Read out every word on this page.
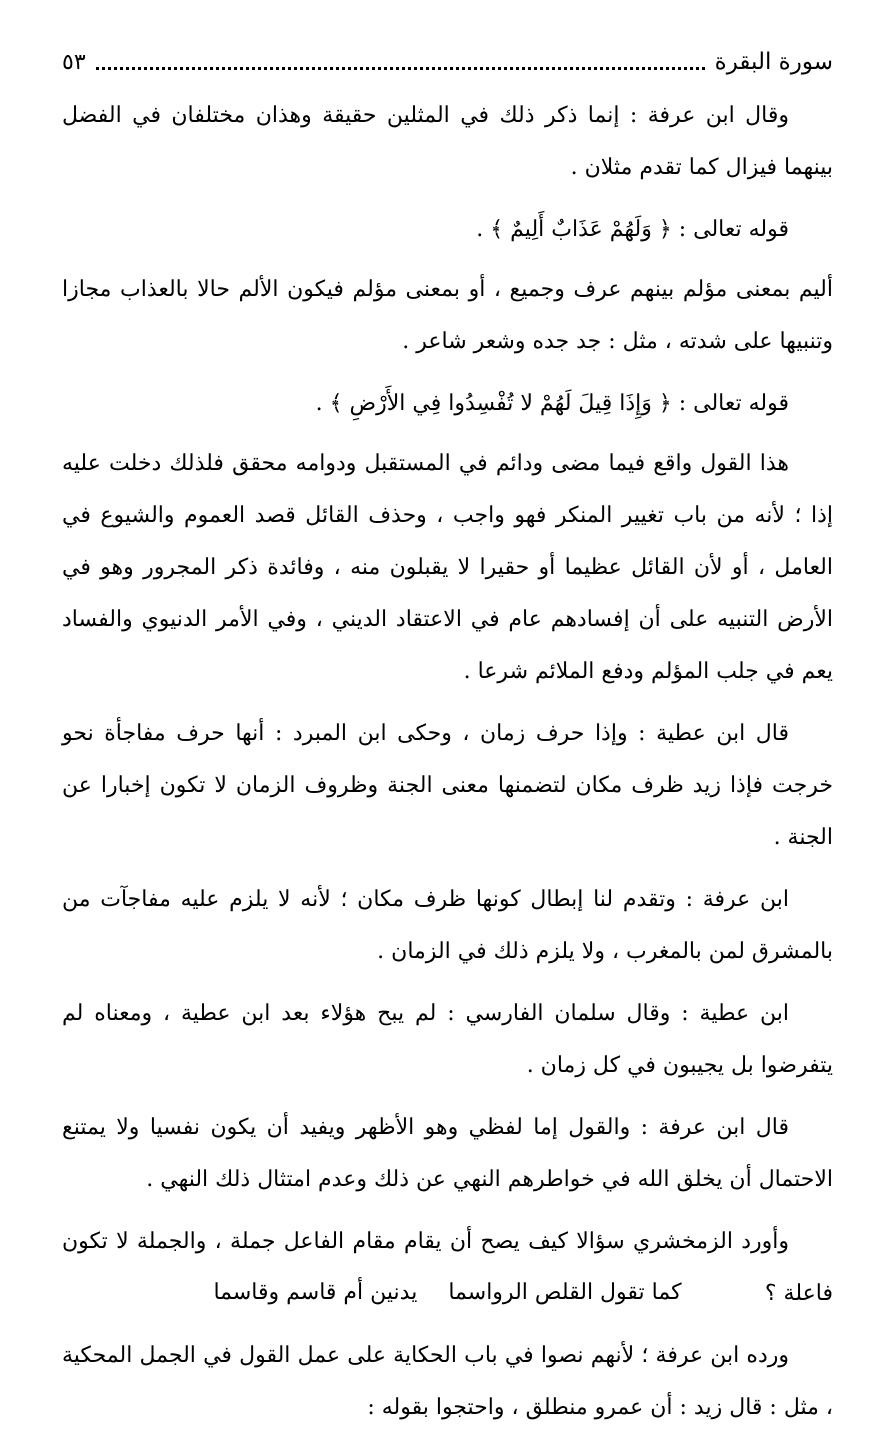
سورة البقرة
٥٣

وقال ابن عرفة : إنما ذكر ذلك في المثلين حقيقة وهذان مختلفان في الفضل بينهما فيزال كما تقدم مثلان .

قوله تعالى : ﴿ وَلَهُمْ عَذَابٌ أَلِيمٌ ﴾ .

أليم بمعنى مؤلم بينهم عرف وجميع ، أو بمعنى مؤلم فيكون الألم حالا بالعذاب مجازا وتنبيها على شدته ، مثل : جد جده وشعر شاعر .

قوله تعالى : ﴿ وَإِذَا قِيلَ لَهُمْ لا تُفْسِدُوا فِي الأَرْضِ ﴾ .

هذا القول واقع فيما مضى ودائم في المستقبل ودوامه محقق فلذلك دخلت عليه إذا ؛ لأنه من باب تغيير المنكر فهو واجب ، وحذف القائل قصد العموم والشيوع في العامل ، أو لأن القائل عظيما أو حقيرا لا يقبلون منه ، وفائدة ذكر المجرور وهو في الأرض التنبيه على أن إفسادهم عام في الاعتقاد الديني ، وفي الأمر الدنيوي والفساد يعم في جلب المؤلم ودفع الملائم شرعا .

قال ابن عطية : وإذا حرف زمان ، وحكى ابن المبرد : أنها حرف مفاجأة نحو خرجت فإذا زيد ظرف مكان لتضمنها معنى الجنة وظروف الزمان لا تكون إخبارا عن الجنة .

ابن عرفة : وتقدم لنا إبطال كونها ظرف مكان ؛ لأنه لا يلزم عليه مفاجآت من بالمشرق لمن بالمغرب ، ولا يلزم ذلك في الزمان .

ابن عطية : وقال سلمان الفارسي : لم يبح هؤلاء بعد ابن عطية ، ومعناه لم يتفرضوا بل يجيبون في كل زمان .

قال ابن عرفة : والقول إما لفظي وهو الأظهر ويفيد أن يكون نفسيا ولا يمتنع الاحتمال أن يخلق الله في خواطرهم النهي عن ذلك وعدم امتثال ذلك النهي .

وأورد الزمخشري سؤالا كيف يصح أن يقام مقام الفاعل جملة ، والجملة لا تكون فاعلة ؟

ورده ابن عرفة ؛ لأنهم نصوا في باب الحكاية على عمل القول في الجمل المحكية ، مثل : قال زيد : أن عمرو منطلق ، واحتجوا بقوله :

كما تقول القلص الرواسما يدنين أم قاسم وقاسما
